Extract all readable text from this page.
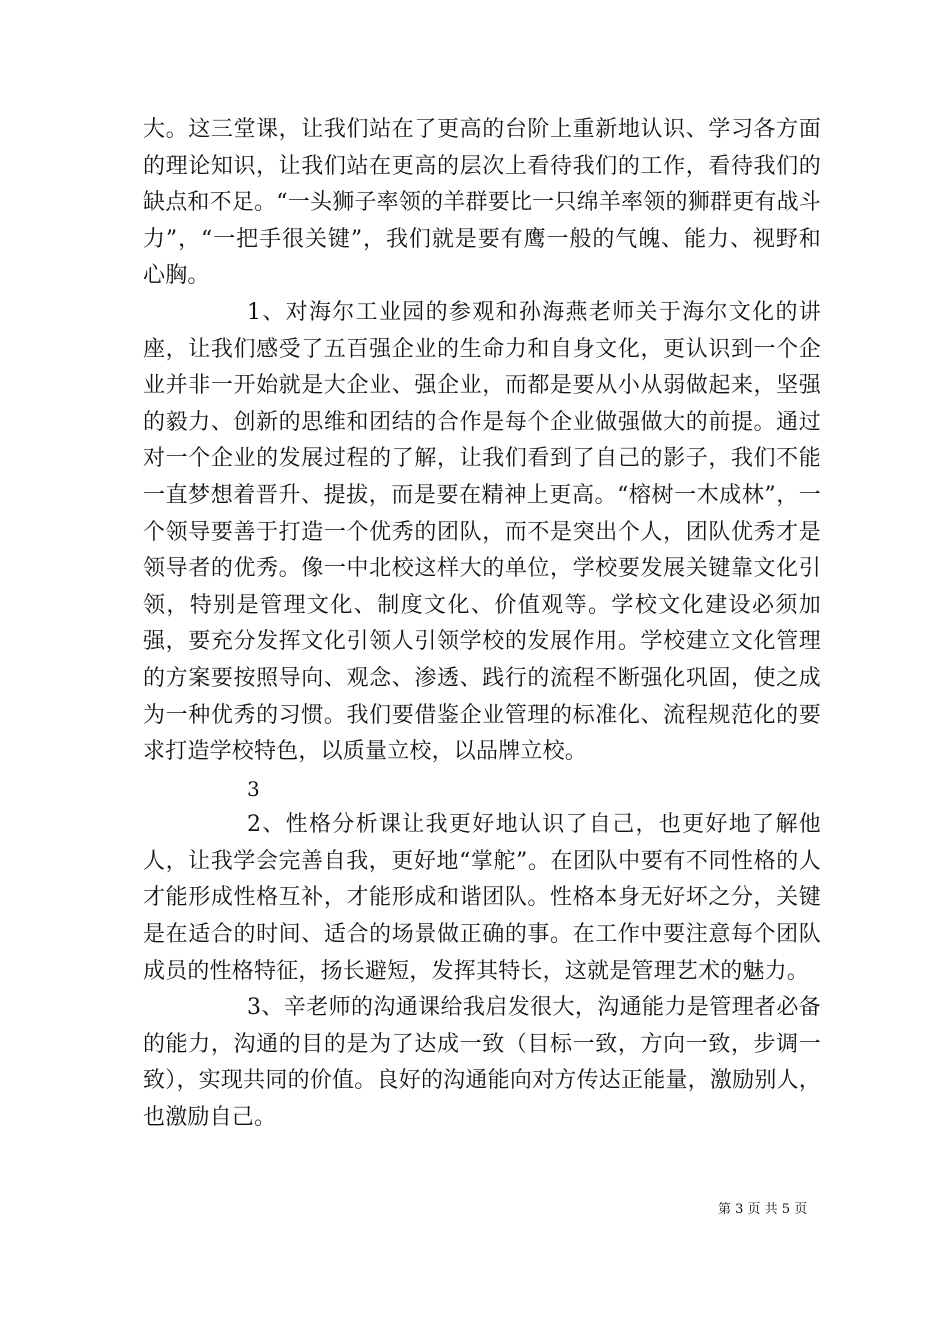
大。这三堂课，让我们站在了更高的台阶上重新地认识、学习各方面的理论知识，让我们站在更高的层次上看待我们的工作，看待我们的缺点和不足。“一头狮子率领的羊群要比一只绵羊率领的狮群更有战斗力”，“一把手很关键”，我们就是要有鹰一般的气魄、能力、视野和心胸。

1、对海尔工业园的参观和孙海燕老师关于海尔文化的讲座，让我们感受了五百强企业的生命力和自身文化，更认识到一个企业并非一开始就是大企业、强企业，而都是要从小从弱做起来，坚强的毅力、创新的思维和团结的合作是每个企业做强做大的前提。通过对一个企业的发展过程的了解，让我们看到了自己的影子，我们不能一直梦想着晋升、提拔，而是要在精神上更高。“榕树一木成林”，一个领导要善于打造一个优秀的团队，而不是突出个人，团队优秀才是领导者的优秀。像一中北校这样大的单位，学校要发展关键靠文化引领，特别是管理文化、制度文化、价值观等。学校文化建设必须加强，要充分发挥文化引领人引领学校的发展作用。学校建立文化管理的方案要按照导向、观念、渗透、践行的流程不断强化巩固，使之成为一种优秀的习惯。我们要借鉴企业管理的标准化、流程规范化的要求打造学校特色，以质量立校，以品牌立校。

3

2、性格分析课让我更好地认识了自己，也更好地了解他人，让我学会完善自我，更好地“掌舵”。在团队中要有不同性格的人才能形成性格互补，才能形成和谐团队。性格本身无好坏之分，关键是在适合的时间、适合的场景做正确的事。在工作中要注意每个团队成员的性格特征，扬长避短，发挥其特长，这就是管理艺术的魅力。

3、辛老师的沟通课给我启发很大，沟通能力是管理者必备的能力，沟通的目的是为了达成一致（目标一致，方向一致，步调一致），实现共同的价值。良好的沟通能向对方传达正能量，激励别人，也激励自己。

第 3 页 共 5 页
